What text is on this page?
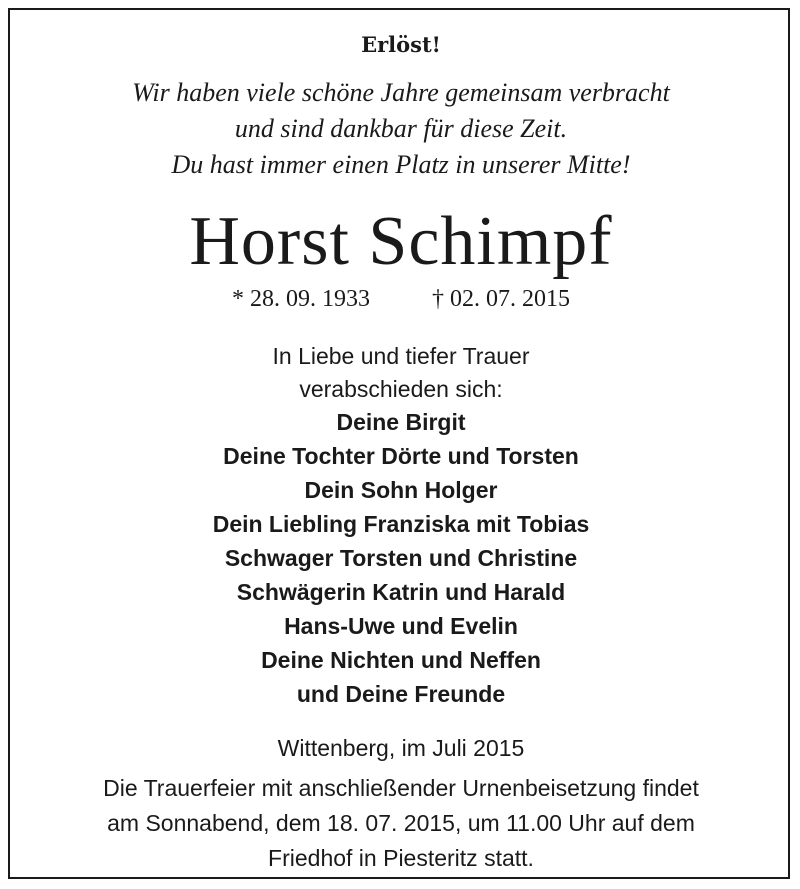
Erlöst!
Wir haben viele schöne Jahre gemeinsam verbracht
und sind dankbar für diese Zeit.
Du hast immer einen Platz in unserer Mitte!
Horst Schimpf
* 28. 09. 1933	† 02. 07. 2015
In Liebe und tiefer Trauer
verabschieden sich:
Deine Birgit
Deine Tochter Dörte und Torsten
Dein Sohn Holger
Dein Liebling Franziska mit Tobias
Schwager Torsten und Christine
Schwägerin Katrin und Harald
Hans-Uwe und Evelin
Deine Nichten und Neffen
und Deine Freunde
Wittenberg, im Juli 2015
Die Trauerfeier mit anschließender Urnenbeisetzung findet
am Sonnabend, dem 18. 07. 2015, um 11.00 Uhr auf dem
Friedhof in Piesteritz statt.
